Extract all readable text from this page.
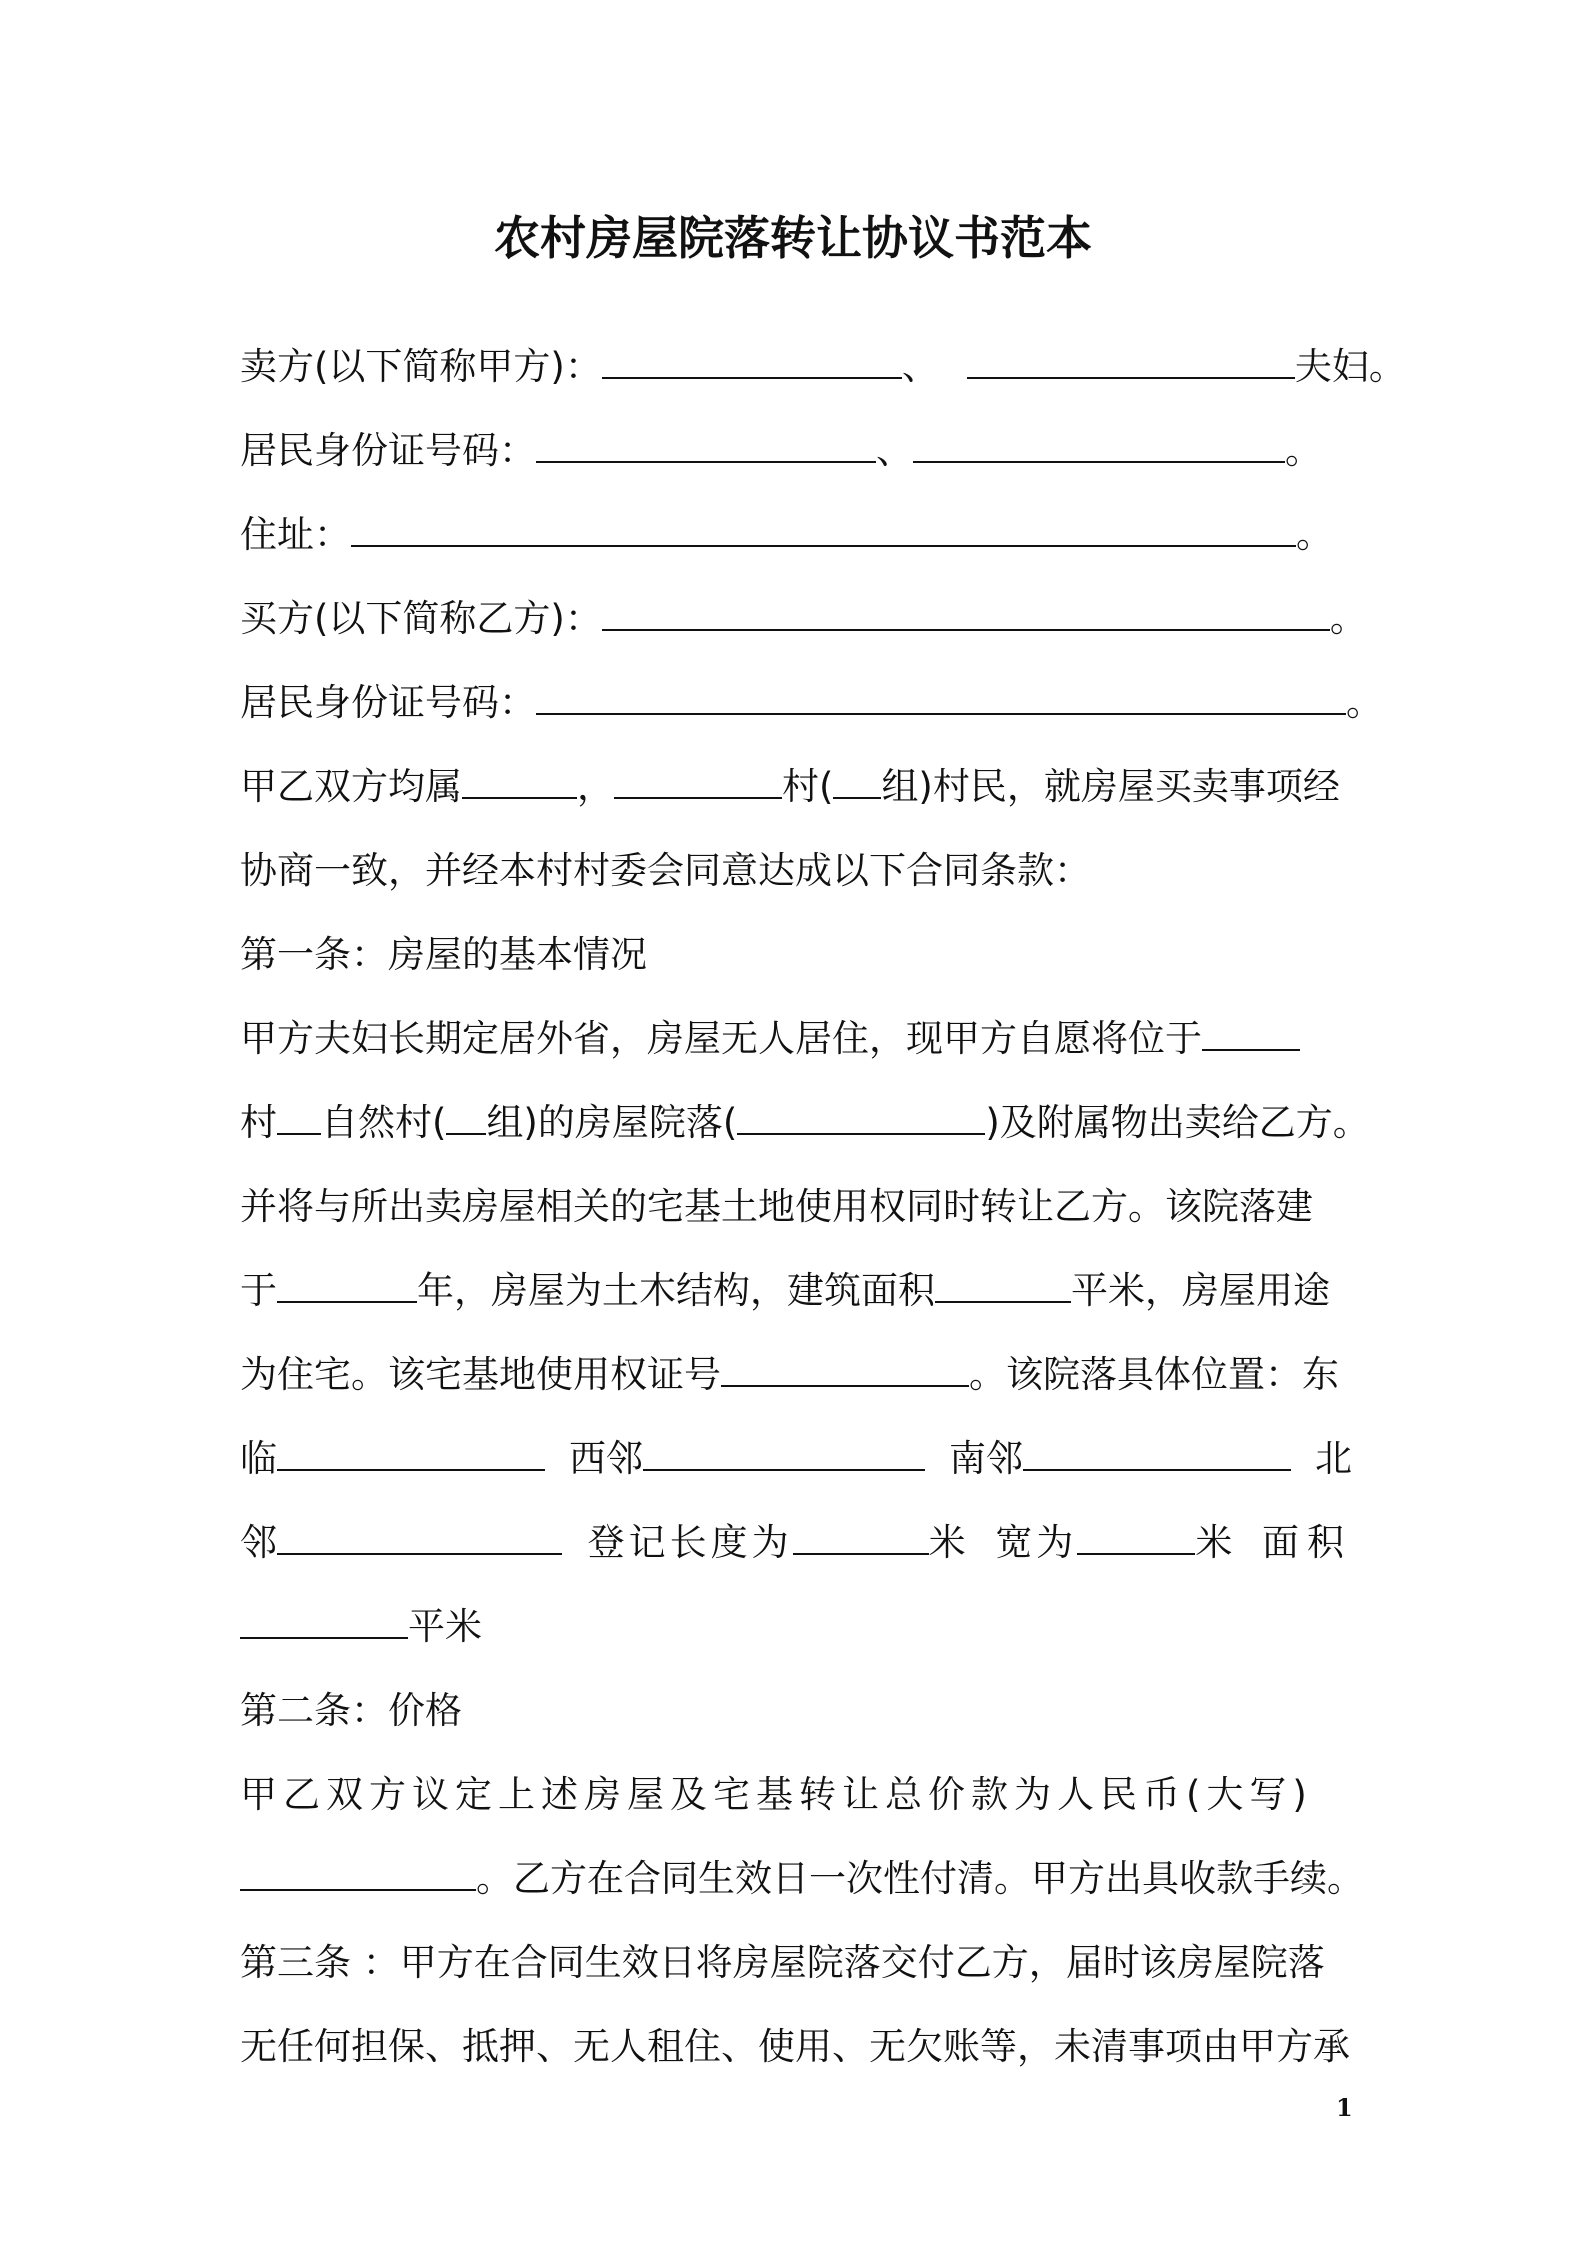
农村房屋院落转让协议书范本
卖方(以下简称甲方)：	、	夫妇。
居民身份证号码：	、	。
住址：	。
买方(以下简称乙方)：	。
居民身份证号码：	。
甲乙双方均属	，	村( 组)村民，就房屋买卖事项经
协商一致，并经本村村委会同意达成以下合同条款：
第一条：房屋的基本情况
甲方夫妇长期定居外省，房屋无人居住，现甲方自愿将位于
村 自然村( 组)的房屋院落(	)及附属物出卖给乙方。
并将与所出卖房屋相关的宅基土地使用权同时转让乙方。该院落建
于	年，房屋为土木结构，建筑面积	平米，房屋用途
为住宅。该宅基地使用权证号	。该院落具体位置：东
临	西邻	南邻	北
邻	登记长度为	米 宽为	米 面积
平米
第二条：价格
甲乙双方议定上述房屋及宅基转让总价款为人民币(大写)
。乙方在合同生效日一次性付清。甲方出具收款手续。
第三条 ：甲方在合同生效日将房屋院落交付乙方，届时该房屋院落
无任何担保、抵押、无人租住、使用、无欠账等，未清事项由甲方承
1
